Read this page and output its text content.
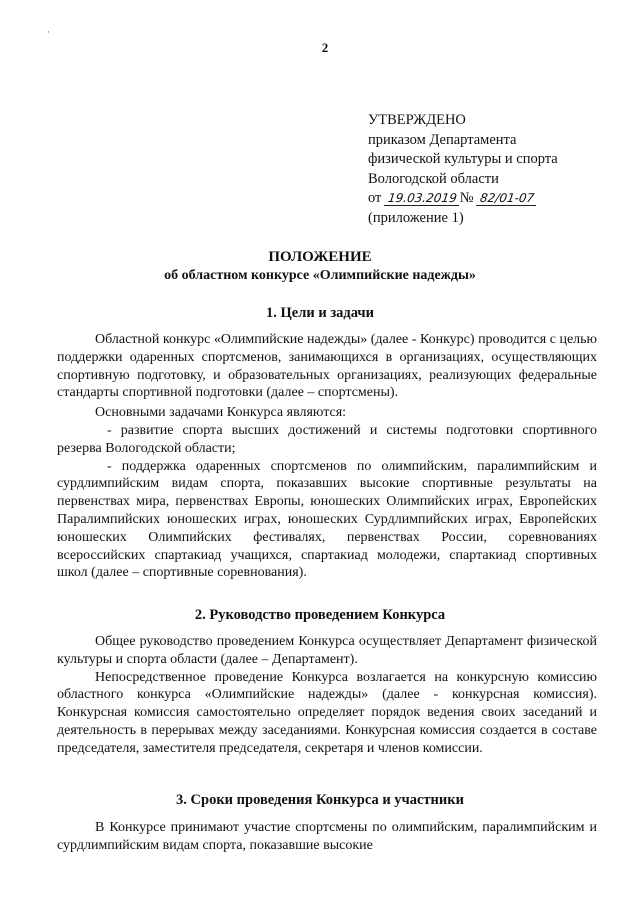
·
2
УТВЕРЖДЕНО
приказом Департамента
физической культуры и спорта
Вологодской области
от 19.03.2019 № 82/01-07
(приложение 1)
ПОЛОЖЕНИЕ
об областном конкурсе «Олимпийские надежды»
1. Цели и задачи

Областной конкурс «Олимпийские надежды» (далее - Конкурс) проводится с целью поддержки одаренных спортсменов, занимающихся в организациях, осуществляющих спортивную подготовку, и образовательных организациях, реализующих федеральные стандарты спортивной подготовки (далее – спортсмены).

Основными задачами Конкурса являются:

- развитие спорта высших достижений и системы подготовки спортивного резерва Вологодской области;

- поддержка одаренных спортсменов по олимпийским, паралимпийским и сурдлимпийским видам спорта, показавших высокие спортивные результаты на первенствах мира, первенствах Европы, юношеских Олимпийских играх, Европейских Паралимпийских юношеских играх, юношеских Сурдлимпийских играх, Европейских юношеских Олимпийских фестивалях, первенствах России, соревнованиях всероссийских спартакиад учащихся, спартакиад молодежи, спартакиад спортивных школ (далее – спортивные соревнования).

2. Руководство проведением Конкурса

Общее руководство проведением Конкурса осуществляет Департамент физической культуры и спорта области (далее – Департамент).

Непосредственное проведение Конкурса возлагается на конкурсную комиссию областного конкурса «Олимпийские надежды» (далее - конкурсная комиссия). Конкурсная комиссия самостоятельно определяет порядок ведения своих заседаний и деятельность в перерывах между заседаниями. Конкурсная комиссия создается в составе председателя, заместителя председателя, секретаря и членов комиссии.

3. Сроки проведения Конкурса и участники

В Конкурсе принимают участие спортсмены по олимпийским, паралимпийским и сурдлимпийским видам спорта, показавшие высокие
